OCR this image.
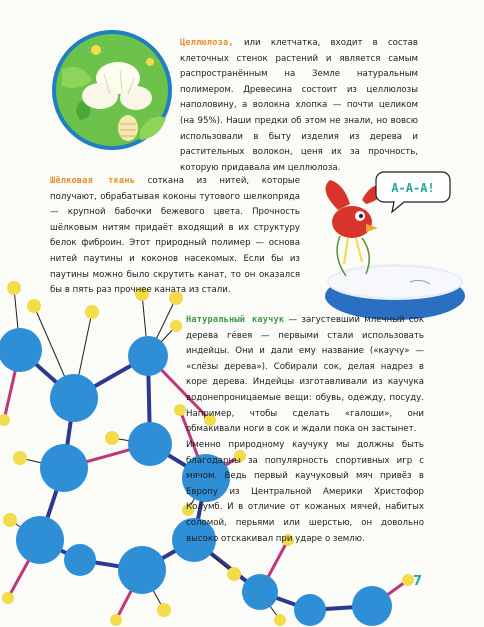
А-А-А!

Целлюлоза, или клетчатка, входит в состав клеточных стенок растений и является самым распространённым на Земле натуральным полимером. Древесина состоит из целлюлозы наполовину, а волокна хлопка — почти целиком (на 95%). Наши предки об этом не знали, но вовсю использовали в быту изделия из дерева и растительных волокон, ценя их за прочность, которую придавала им целлюлоза.

Шёлковая ткань соткана из нитей, которые получают, обрабатывая коконы тутового шелкопряда — крупной бабочки бежевого цвета. Прочность шёлковым нитям придаёт входящий в их структуру белок фиброин. Этот природный полимер — основа нитей паутины и коконов насекомых. Если бы из паутины можно было скрутить канат, то он оказался бы в пять раз прочнее каната из стали.

Натуральный каучук — загустевший млечный сок дерева гéвея — первыми стали использовать индейцы. Они и дали ему название («каучу» — «слёзы дерева»). Собирали сок, делая надрез в коре дерева. Индейцы изготавливали из каучука водонепроницаемые вещи: обувь, одежду, посуду. Например, чтобы сделать «галоши», они обмакивали ноги в сок и ждали пока он застынет.

Именно природному каучуку мы должны быть благодарны за популярность спортивных игр с мячом. Ведь первый каучуковый мяч привёз в Европу из Центральной Америки Христофор Колумб. И в отличие от кожаных мячей, набитых соломой, перьями или шерстью, он довольно высоко отскакивал при ударе о землю.

7
